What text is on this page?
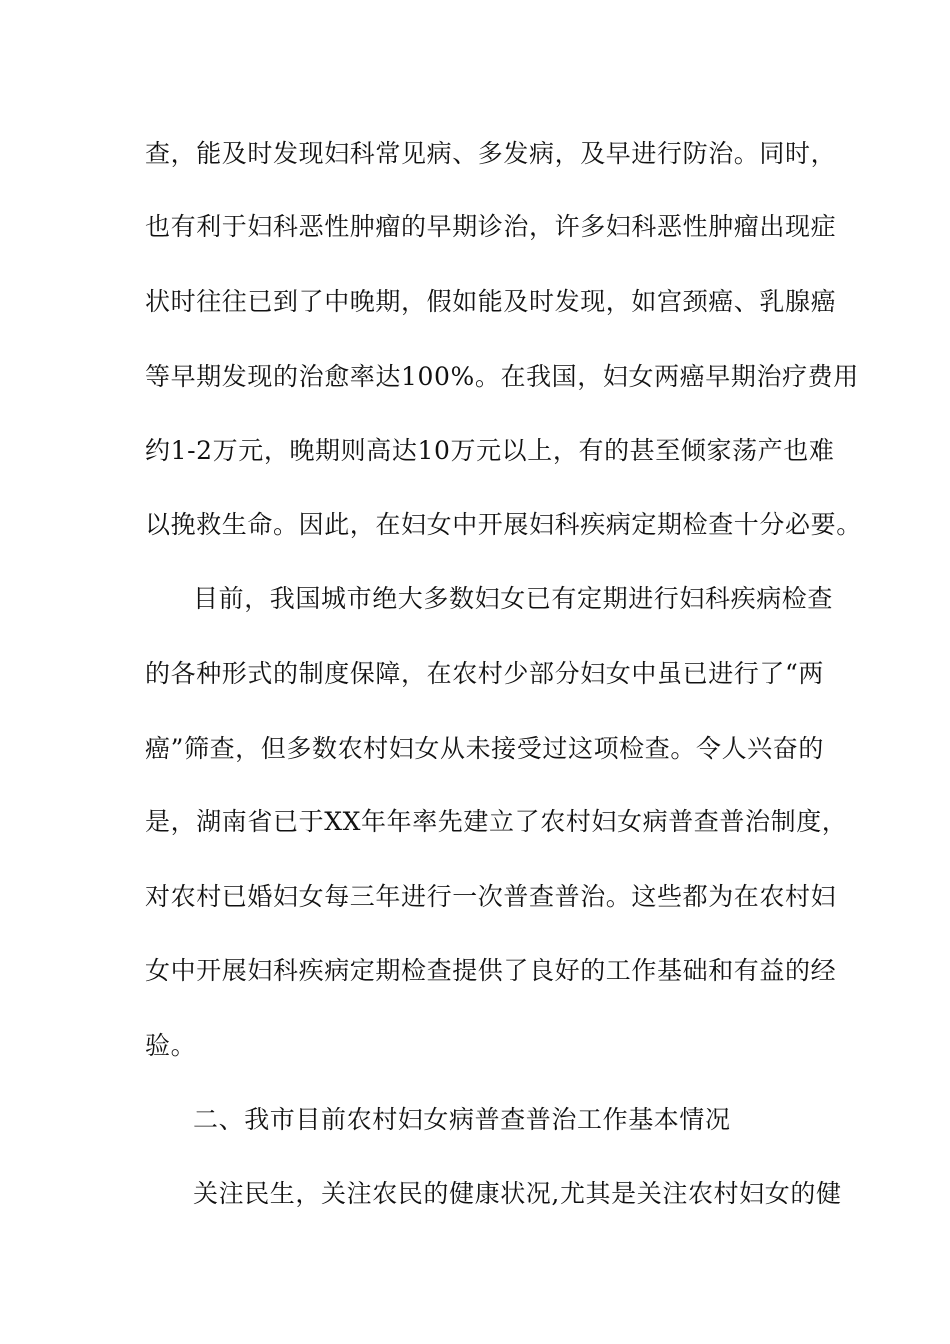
查，能及时发现妇科常见病、多发病，及早进行防治。同时，
也有利于妇科恶性肿瘤的早期诊治，许多妇科恶性肿瘤出现症
状时往往已到了中晚期，假如能及时发现，如宫颈癌、乳腺癌
等早期发现的治愈率达100%。在我国，妇女两癌早期治疗费用
约1-2万元，晚期则高达10万元以上，有的甚至倾家荡产也难
以挽救生命。因此，在妇女中开展妇科疾病定期检查十分必要。
目前，我国城市绝大多数妇女已有定期进行妇科疾病检查
的各种形式的制度保障，在农村少部分妇女中虽已进行了“两
癌”筛查，但多数农村妇女从未接受过这项检查。令人兴奋的
是，湖南省已于XX年年率先建立了农村妇女病普查普治制度，
对农村已婚妇女每三年进行一次普查普治。这些都为在农村妇
女中开展妇科疾病定期检查提供了良好的工作基础和有益的经
验。
二、我市目前农村妇女病普查普治工作基本情况
关注民生，关注农民的健康状况,尤其是关注农村妇女的健
